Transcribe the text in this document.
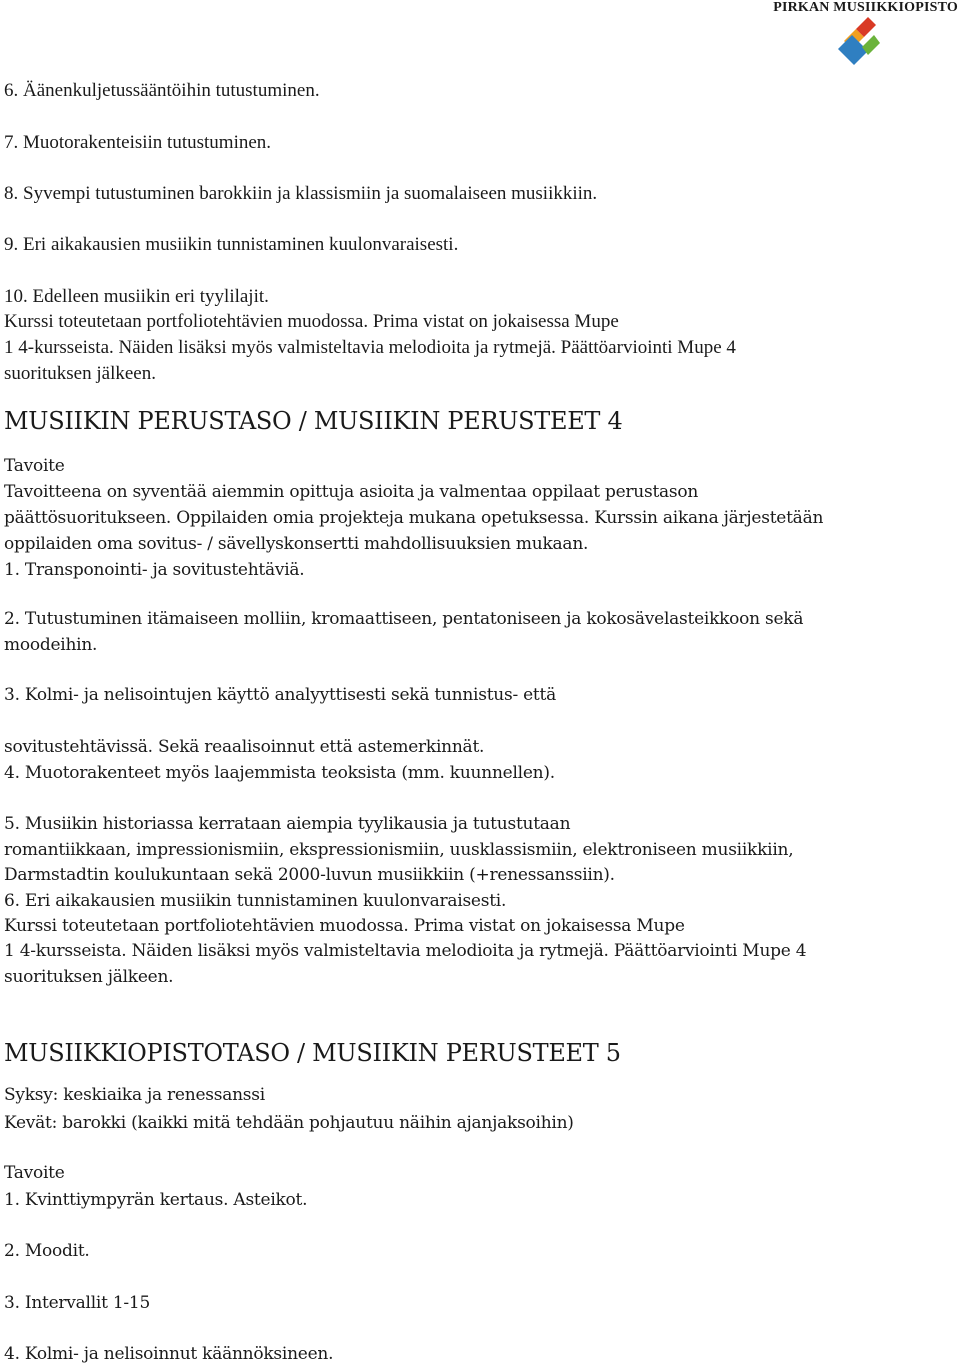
PIRKAN MUSIIKKIOPISTO
6. Äänenkuljetussääntöihin tutustuminen.
7. Muotorakenteisiin tutustuminen.
8. Syvempi tutustuminen barokkiin ja klassismiin ja suomalaiseen musiikkiin.
9. Eri aikakausien musiikin tunnistaminen kuulonvaraisesti.
10. Edelleen musiikin eri tyylilajit.
Kurssi toteutetaan portfoliotehtävien muodossa. Prima vistat on jokaisessa Mupe
1 4-kursseista. Näiden lisäksi myös valmisteltavia melodioita ja rytmejä. Päättöarviointi Mupe 4
suorituksen jälkeen.
MUSIIKIN PERUSTASO / MUSIIKIN PERUSTEET 4
Tavoite
Tavoitteena on syventää aiemmin opittuja asioita ja valmentaa oppilaat perustason
päättösuoritukseen. Oppilaiden omia projekteja mukana opetuksessa. Kurssin aikana järjestetään
oppilaiden oma sovitus- / sävellyskonsertti mahdollisuuksien mukaan.
1. Transponointi- ja sovitustehtäviä.
2. Tutustuminen itämaiseen molliin, kromaattiseen, pentatoniseen ja kokosävelasteikkoon sekä
moodeihin.
3. Kolmi- ja nelisointujen käyttö analyyttisesti sekä tunnistus- että
sovitustehtävissä. Sekä reaalisoinnut että astemerkinnät.
4. Muotorakenteet myös laajemmista teoksista (mm. kuunnellen).
5. Musiikin historiassa kerrataan aiempia tyylikausia ja tutustutaan
romantiikkaan, impressionismiin, ekspressionismiin, uusklassismiin, elektroniseen musiikkiin,
Darmstadtin koulukuntaan sekä 2000-luvun musiikkiin (+renessanssiin).
6. Eri aikakausien musiikin tunnistaminen kuulonvaraisesti.
Kurssi toteutetaan portfoliotehtävien muodossa. Prima vistat on jokaisessa Mupe
1 4-kursseista. Näiden lisäksi myös valmisteltavia melodioita ja rytmejä. Päättöarviointi Mupe 4
suorituksen jälkeen.
MUSIIKKIOPISTOTASO / MUSIIKIN PERUSTEET 5
Syksy: keskiaika ja renessanssi
Kevät: barokki (kaikki mitä tehdään pohjautuu näihin ajanjaksoihin)
Tavoite
1. Kvinttiympyrän kertaus. Asteikot.
2. Moodit.
3. Intervallit 1-15
4. Kolmi- ja nelisoinnut käännöksineen.
